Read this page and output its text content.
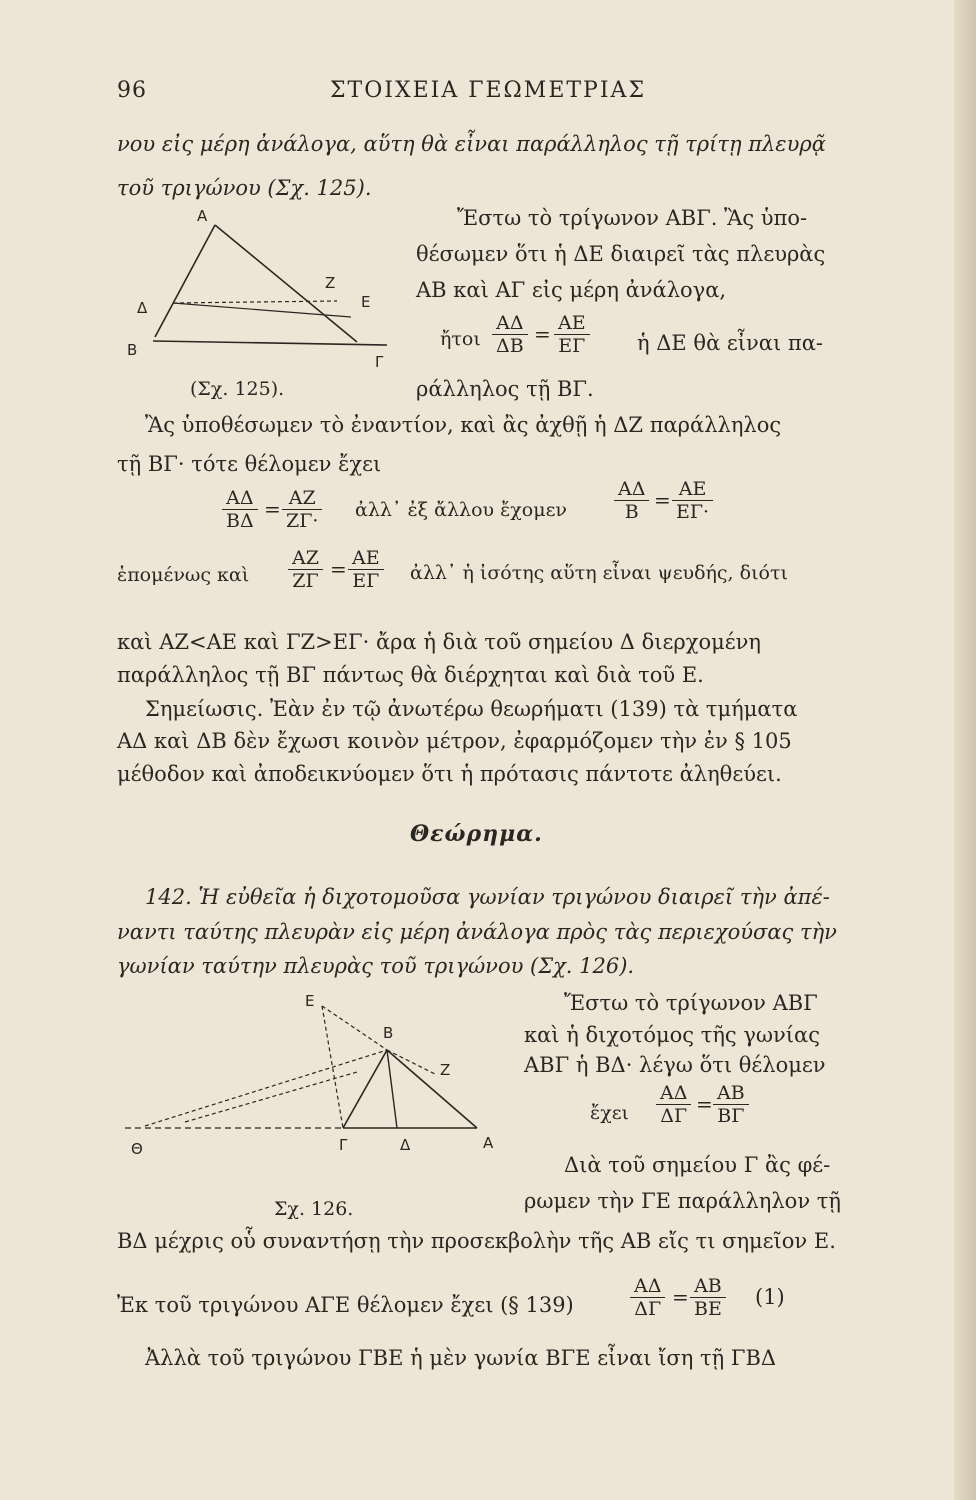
96	ΣΤΟΙΧΕΙΑ ΓΕΩΜΕΤΡΙΑΣ
νου εἰς μέρη ἀνάλογα, αὕτη θὰ εἶναι παράλληλος τῇ τρίτῃ πλευρᾷ
τοῦ τριγώνου (Σχ. 125).
Α
Δ
Z
Ε
B
Γ
Ἔστω τὸ τρίγωνον ΑΒΓ. Ἂς ὑπο-
θέσωμεν ὅτι ἡ ΔΕ διαιρεῖ τὰς πλευρὰς
ΑΒ καὶ ΑΓ εἰς μέρη ἀνάλογα,
ἤτοι $\frac{A\Delta}{\Delta B} = \frac{AE}{E\Gamma}$ ἡ ΔΕ θὰ εἶναι πα-
ράλληλος τῇ ΒΓ.
(Σχ. 125).
Ἂς ὑποθέσωμεν τὸ ἐναντίον, καὶ ἂς ἀχθῇ ἡ ΔΖ παράλληλος
τῇ ΒΓ· τότε θέλομεν ἔχει
$\frac{A\Delta}{B\Delta} = \frac{AZ}{Z\Gamma\cdot}$ ἀλλ᾽ ἐξ ἄλλου ἔχομεν $\frac{A\Delta}{B} = \frac{AE}{E\Gamma\cdot}$
ἑπομένως καὶ $\frac{AZ}{Z\Gamma} = \frac{AE}{E\Gamma}$ ἀλλ᾽ ἡ ἰσότης αὕτη εἶναι ψευδής, διότι
καὶ ΑΖ<ΑΕ καὶ ΓΖ>ΕΓ· ἄρα ἡ διὰ τοῦ σημείου Δ διερχομένη
παράλληλος τῇ ΒΓ πάντως θὰ διέρχηται καὶ διὰ τοῦ Ε.
Σημείωσις. Ἐὰν ἐν τῷ ἀνωτέρω θεωρήματι (139) τὰ τμήματα
ΑΔ καὶ ΔΒ δὲν ἔχωσι κοινὸν μέτρον, ἐφαρμόζομεν τὴν ἐν § 105
μέθοδον καὶ ἀποδεικνύομεν ὅτι ἡ πρότασις πάντοτε ἀληθεύει.
Θεώρημα.
142. Ἡ εὐθεῖα ἡ διχοτομοῦσα γωνίαν τριγώνου διαιρεῖ τὴν ἀπέ-
ναντι ταύτης πλευρὰν εἰς μέρη ἀνάλογα πρὸς τὰς περιεχούσας τὴν
γωνίαν ταύτην πλευρὰς τοῦ τριγώνου (Σχ. 126).
E
B
Z
Θ	Γ	Δ	Α
Ἔστω τὸ τρίγωνον ΑΒΓ
καὶ ἡ διχοτόμος τῆς γωνίας
ΑΒΓ ἡ ΒΔ· λέγω ὅτι θέλομεν
ἔχει $\frac{A\Delta}{\Delta\Gamma} = \frac{AB}{B\Gamma}$
Διὰ τοῦ σημείου Γ ἂς φέ-
ρωμεν τὴν ΓΕ παράλληλον τῇ
Σχ. 126.
ΒΔ μέχρις οὗ συναντήσῃ τὴν προσεκβολὴν τῆς ΑΒ εἴς τι σημεῖον Ε.
Ἐκ τοῦ τριγώνου ΑΓΕ θέλομεν ἔχει (§ 139)	$\frac{A\Delta}{\Delta\Gamma} = \frac{AB}{BE} (1)$
Ἀλλὰ τοῦ τριγώνου ΓΒΕ ἡ μὲν γωνία ΒΓΕ εἶναι ἴση τῇ ΓΒΔ
